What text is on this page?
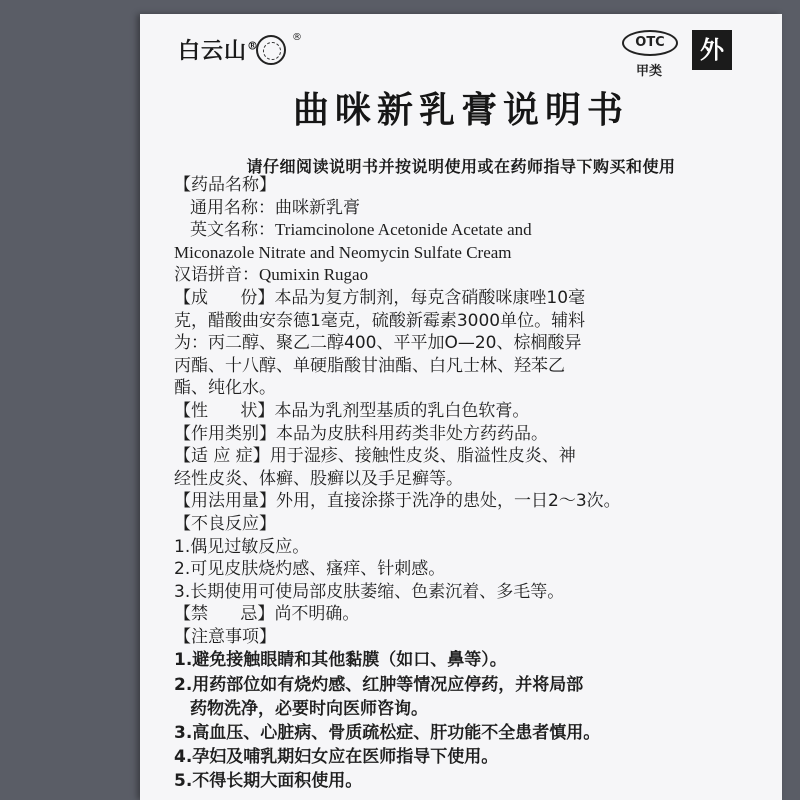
白云山®
®	OTC
甲类
外
曲咪新乳膏说明书
请仔细阅读说明书并按说明使用或在药师指导下购买和使用
【药品名称】
通用名称：曲咪新乳膏
英文名称：Triamcinolone Acetonide Acetate and
Miconazole Nitrate and Neomycin Sulfate Cream
汉语拼音：Qumixin Rugao
【成      份】本品为复方制剂，每克含硝酸咪康唑10毫
克，醋酸曲安奈德1毫克，硫酸新霉素3000单位。辅料
为：丙二醇、聚乙二醇400、平平加O—20、棕榈酸异
丙酯、十八醇、单硬脂酸甘油酯、白凡士林、羟苯乙
酯、纯化水。
【性      状】本品为乳剂型基质的乳白色软膏。
【作用类别】本品为皮肤科用药类非处方药药品。
【适 应 症】用于湿疹、接触性皮炎、脂溢性皮炎、神
经性皮炎、体癣、股癣以及手足癣等。
【用法用量】外用，直接涂搽于洗净的患处，一日2～3次。
【不良反应】
1.偶见过敏反应。
2.可见皮肤烧灼感、瘙痒、针刺感。
3.长期使用可使局部皮肤萎缩、色素沉着、多毛等。
【禁      忌】尚不明确。
【注意事项】
1.避免接触眼睛和其他黏膜（如口、鼻等）。
2.用药部位如有烧灼感、红肿等情况应停药，并将局部
药物洗净，必要时向医师咨询。
3.高血压、心脏病、骨质疏松症、肝功能不全患者慎用。
4.孕妇及哺乳期妇女应在医师指导下使用。
5.不得长期大面积使用。
